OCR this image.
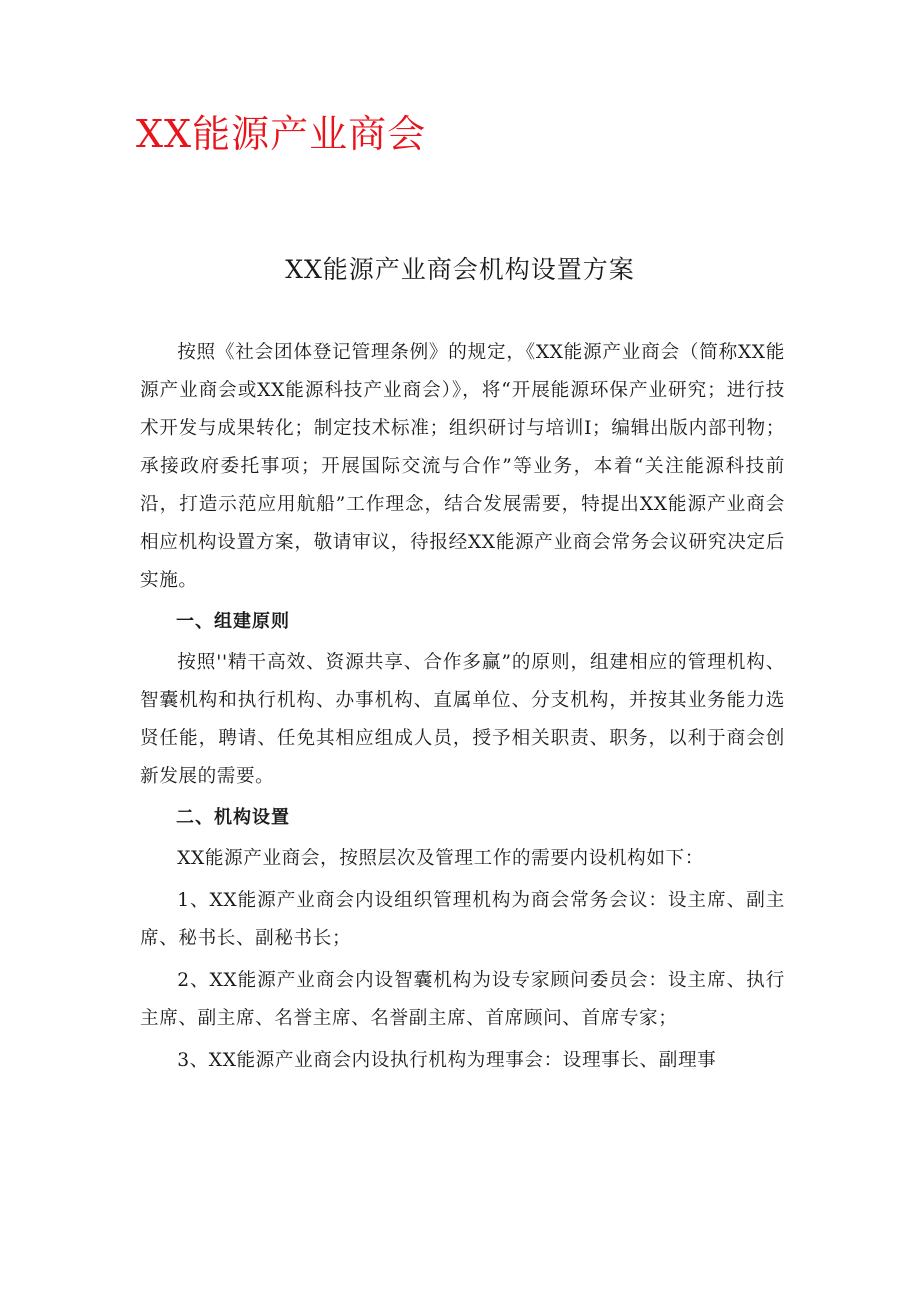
XX能源产业商会
XX能源产业商会机构设置方案

按照《社会团体登记管理条例》的规定，《XX能源产业商会（简称XX能源产业商会或XX能源科技产业商会）》，将“开展能源环保产业研究；进行技术开发与成果转化；制定技术标准；组织研讨与培训I；编辑出版内部刊物；承接政府委托事项；开展国际交流与合作”等业务，本着“关注能源科技前沿，打造示范应用航船”工作理念，结合发展需要，特提出XX能源产业商会相应机构设置方案，敬请审议，待报经XX能源产业商会常务会议研究决定后实施。

一、组建原则

按照''精干高效、资源共享、合作多赢”的原则，组建相应的管理机构、智囊机构和执行机构、办事机构、直属单位、分支机构，并按其业务能力选贤任能，聘请、任免其相应组成人员，授予相关职责、职务，以利于商会创新发展的需要。

二、机构设置

XX能源产业商会，按照层次及管理工作的需要内设机构如下：

1、XX能源产业商会内设组织管理机构为商会常务会议：设主席、副主席、秘书长、副秘书长；

2、XX能源产业商会内设智囊机构为设专家顾问委员会：设主席、执行主席、副主席、名誉主席、名誉副主席、首席顾问、首席专家；

3、XX能源产业商会内设执行机构为理事会：设理事长、副理事
